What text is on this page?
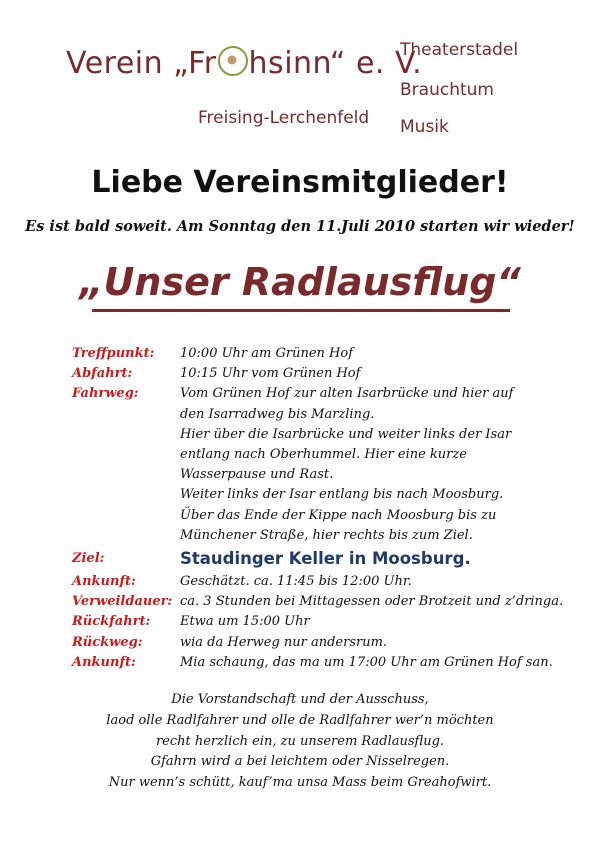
Verein „Fr hsinn“ e. V.
Freising-Lerchenfeld
Theaterstadel
Brauchtum
Musik
Liebe Vereinsmitglieder!
Es ist bald soweit. Am Sonntag den 11.Juli 2010 starten wir wieder!
„Unser Radlausflug“
Treffpunkt:	10:00 Uhr am Grünen Hof
Abfahrt:	10:15 Uhr vom Grünen Hof
Fahrweg:	Vom Grünen Hof zur alten Isarbrücke und hier auf
den Isarradweg bis Marzling.
Hier über die Isarbrücke und weiter links der Isar
entlang nach Oberhummel. Hier eine kurze
Wasserpause und Rast.
Weiter links der Isar entlang bis nach Moosburg.
Über das Ende der Kippe nach Moosburg bis zu
Münchener Straße, hier rechts bis zum Ziel.
Ziel:	Staudinger Keller in Moosburg.
Ankunft:	Geschätzt. ca. 11:45 bis 12:00 Uhr.
Verweildauer: ca. 3 Stunden bei Mittagessen oder Brotzeit und z’dringa.
Rückfahrt:	Etwa um 15:00 Uhr
Rückweg:	wia da Herweg nur andersrum.
Ankunft:	Mia schaung, das ma um 17:00 Uhr am Grünen Hof san.
Die Vorstandschaft und der Ausschuss,
laod olle Radlfahrer und olle de Radlfahrer wer‘n möchten
recht herzlich ein, zu unserem Radlausflug.
Gfahrn wird a bei leichtem oder Nisselregen.
Nur wenn’s schütt, kauf’ma unsa Mass beim Greahofwirt.
